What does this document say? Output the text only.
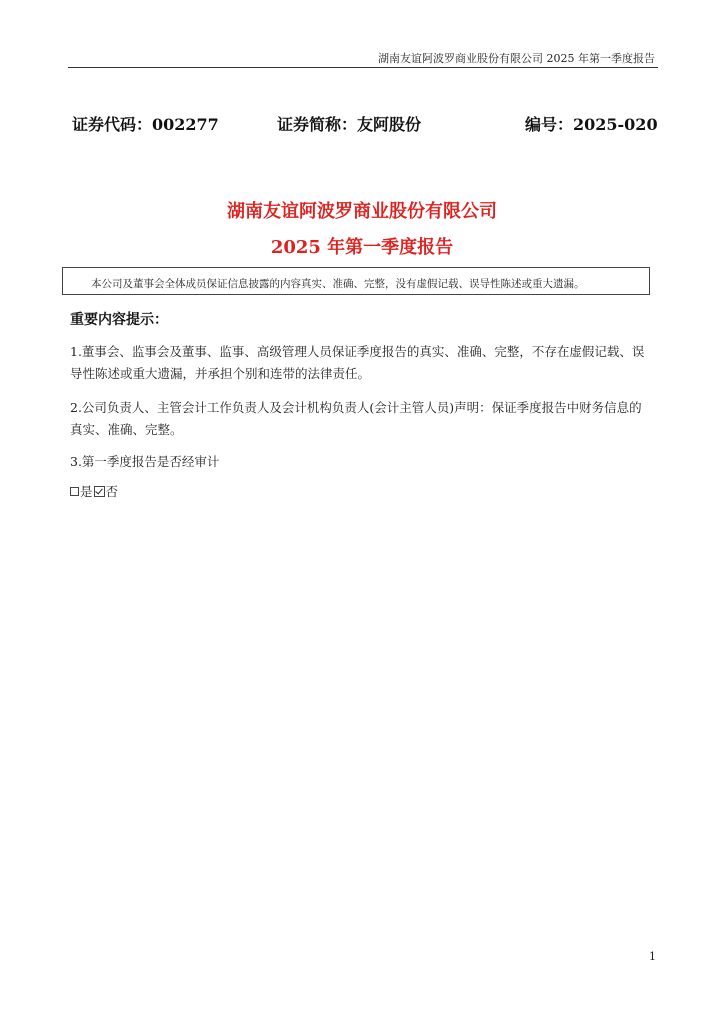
湖南友谊阿波罗商业股份有限公司 2025 年第一季度报告
证券代码：002277	证券简称：友阿股份	编号：2025-020
湖南友谊阿波罗商业股份有限公司
2025 年第一季度报告
本公司及董事会全体成员保证信息披露的内容真实、准确、完整，没有虚假记载、误导性陈述或重大遗漏。
重要内容提示：
1.董事会、监事会及董事、监事、高级管理人员保证季度报告的真实、准确、完整，不存在虚假记载、误导性陈述或重大遗漏，并承担个别和连带的法律责任。
2.公司负责人、主管会计工作负责人及会计机构负责人(会计主管人员)声明：保证季度报告中财务信息的真实、准确、完整。
3.第一季度报告是否经审计
是 否
1
